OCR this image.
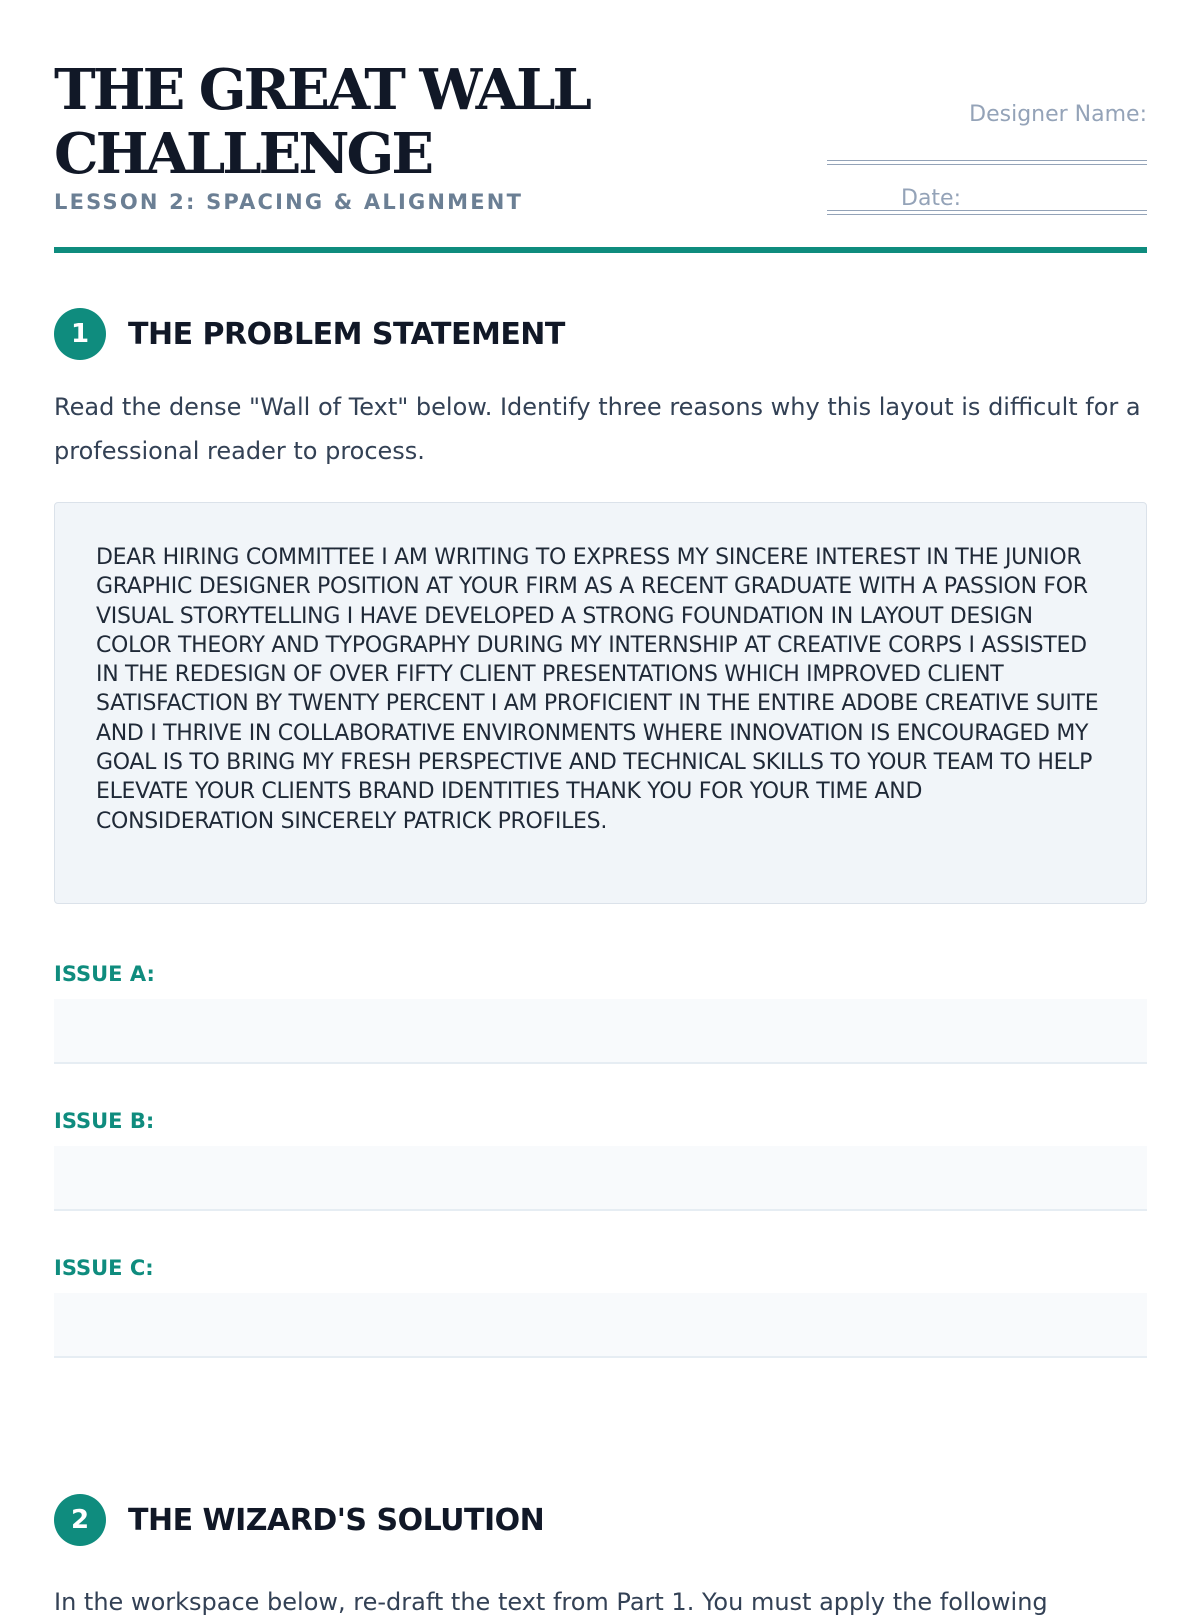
THE GREAT WALL
CHALLENGE
LESSON 2: SPACING & ALIGNMENT
Designer Name:
Date:
1	THE PROBLEM STATEMENT

Read the dense "Wall of Text" below. Identify three reasons why this layout is difficult for a professional reader to process.

DEAR HIRING COMMITTEE I AM WRITING TO EXPRESS MY SINCERE INTEREST IN THE JUNIOR GRAPHIC DESIGNER POSITION AT YOUR FIRM AS A RECENT GRADUATE WITH A PASSION FOR VISUAL STORYTELLING I HAVE DEVELOPED A STRONG FOUNDATION IN LAYOUT DESIGN COLOR THEORY AND TYPOGRAPHY DURING MY INTERNSHIP AT CREATIVE CORPS I ASSISTED IN THE REDESIGN OF OVER FIFTY CLIENT PRESENTATIONS WHICH IMPROVED CLIENT SATISFACTION BY TWENTY PERCENT I AM PROFICIENT IN THE ENTIRE ADOBE CREATIVE SUITE AND I THRIVE IN COLLABORATIVE ENVIRONMENTS WHERE INNOVATION IS ENCOURAGED MY GOAL IS TO BRING MY FRESH PERSPECTIVE AND TECHNICAL SKILLS TO YOUR TEAM TO HELP ELEVATE YOUR CLIENTS BRAND IDENTITIES THANK YOU FOR YOUR TIME AND CONSIDERATION SINCERELY PATRICK PROFILES.

ISSUE A:
ISSUE B:
ISSUE C:
2	THE WIZARD'S SOLUTION

In the workspace below, re-draft the text from Part 1. You must apply the following
